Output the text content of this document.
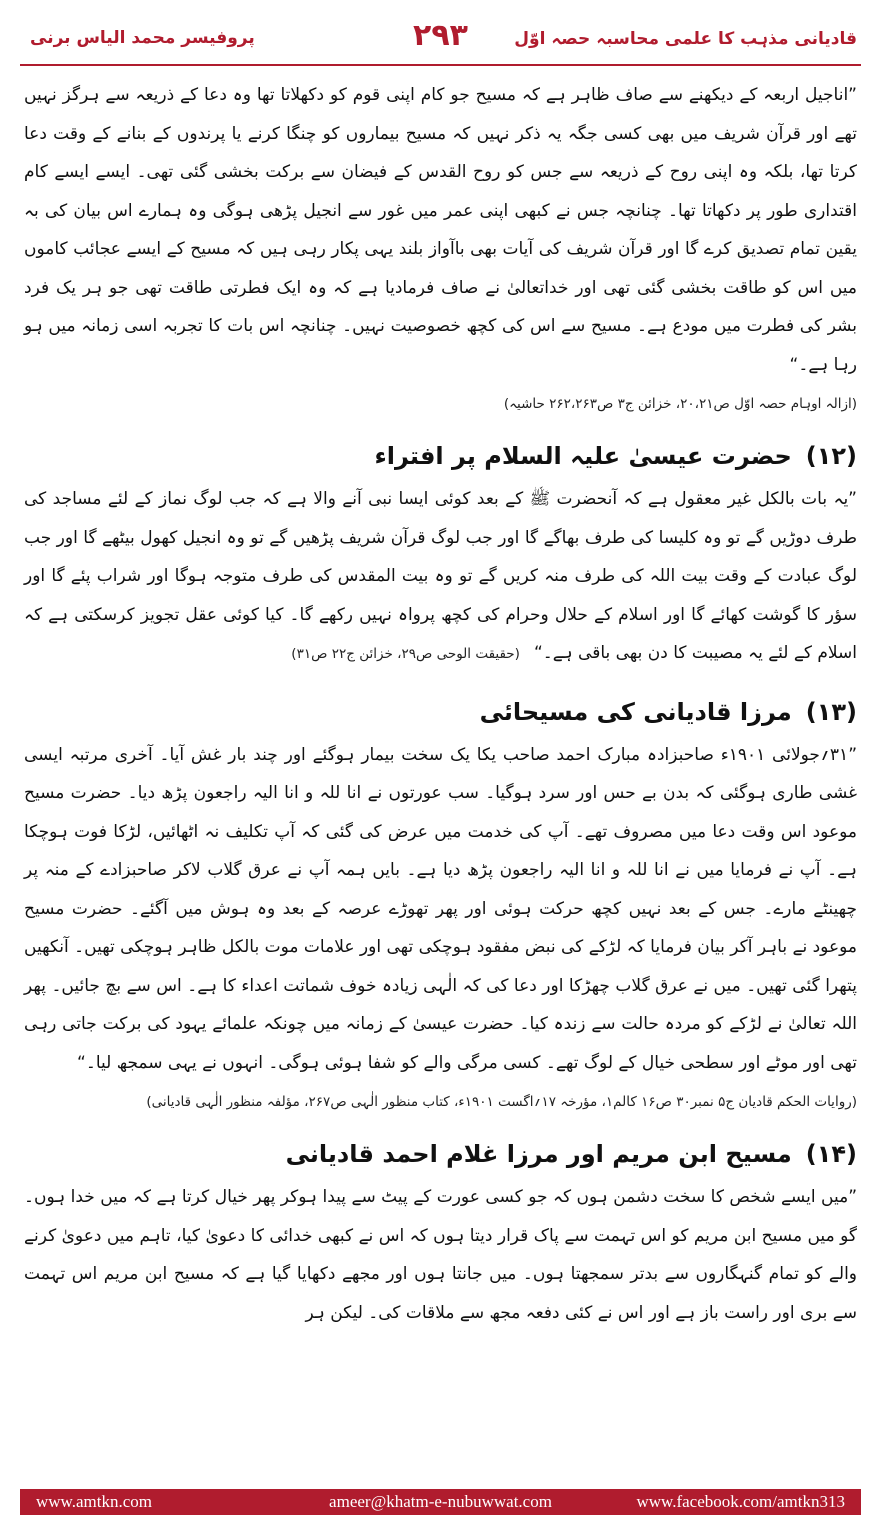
قادیانی مذہب کا علمی محاسبہ حصہ اوّل
۲۹۳
پروفیسر محمد الیاس برنی

”اناجیل اربعہ کے دیکھنے سے صاف ظاہر ہے کہ مسیح جو کام اپنی قوم کو دکھلاتا تھا وہ دعا کے ذریعہ سے ہرگز نہیں تھے اور قرآن شریف میں بھی کسی جگہ یہ ذکر نہیں کہ مسیح بیماروں کو چنگا کرنے یا پرندوں کے بنانے کے وقت دعا کرتا تھا، بلکہ وہ اپنی روح کے ذریعہ سے جس کو روح القدس کے فیضان سے برکت بخشی گئی تھی۔ ایسے ایسے کام اقتداری طور پر دکھاتا تھا۔ چنانچہ جس نے کبھی اپنی عمر میں غور سے انجیل پڑھی ہوگی وہ ہمارے اس بیان کی بہ یقین تمام تصدیق کرے گا اور قرآن شریف کی آیات بھی باآواز بلند یہی پکار رہی ہیں کہ مسیح کے ایسے عجائب کاموں میں اس کو طاقت بخشی گئی تھی اور خداتعالیٰ نے صاف فرمادیا ہے کہ وہ ایک فطرتی طاقت تھی جو ہر یک فرد بشر کی فطرت میں مودع ہے۔ مسیح سے اس کی کچھ خصوصیت نہیں۔ چنانچہ اس بات کا تجربہ اسی زمانہ میں ہو رہا ہے۔“

(ازالہ اوہام حصہ اوّل ص۲۰،۲۱، خزائن ج۳ ص۲۶۲،۲۶۳ حاشیہ)

(۱۲)حضرت عیسیٰ علیہ السلام پر افتراء

”یہ بات بالکل غیر معقول ہے کہ آنحضرت ﷺ کے بعد کوئی ایسا نبی آنے والا ہے کہ جب لوگ نماز کے لئے مساجد کی طرف دوڑیں گے تو وہ کلیسا کی طرف بھاگے گا اور جب لوگ قرآن شریف پڑھیں گے تو وہ انجیل کھول بیٹھے گا اور جب لوگ عبادت کے وقت بیت اللہ کی طرف منہ کریں گے تو وہ بیت المقدس کی طرف متوجہ ہوگا اور شراب پئے گا اور سؤر کا گوشت کھائے گا اور اسلام کے حلال وحرام کی کچھ پرواہ نہیں رکھے گا۔ کیا کوئی عقل تجویز کرسکتی ہے کہ اسلام کے لئے یہ مصیبت کا دن بھی باقی ہے۔“(حقیقت الوحی ص۲۹، خزائن ج۲۲ ص۳۱)

(۱۳)مرزا قادیانی کی مسیحائی

”۳۱؍جولائی ۱۹۰۱ء صاحبزادہ مبارک احمد صاحب یکا یک سخت بیمار ہوگئے اور چند بار غش آیا۔ آخری مرتبہ ایسی غشی طاری ہوگئی کہ بدن بے حس اور سرد ہوگیا۔ سب عورتوں نے انا للہ و انا الیہ راجعون پڑھ دیا۔ حضرت مسیح موعود اس وقت دعا میں مصروف تھے۔ آپ کی خدمت میں عرض کی گئی کہ آپ تکلیف نہ اٹھائیں، لڑکا فوت ہوچکا ہے۔ آپ نے فرمایا میں نے انا للہ و انا الیہ راجعون پڑھ دیا ہے۔ بایں ہمہ آپ نے عرق گلاب لاکر صاحبزادے کے منہ پر چھینٹے مارے۔ جس کے بعد نہیں کچھ حرکت ہوئی اور پھر تھوڑے عرصہ کے بعد وہ ہوش میں آگئے۔ حضرت مسیح موعود نے باہر آکر بیان فرمایا کہ لڑکے کی نبض مفقود ہوچکی تھی اور علامات موت بالکل ظاہر ہوچکی تھیں۔ آنکھیں پتھرا گئی تھیں۔ میں نے عرق گلاب چھڑکا اور دعا کی کہ الٰہی زیادہ خوف شماتت اعداء کا ہے۔ اس سے بچ جائیں۔ پھر اللہ تعالیٰ نے لڑکے کو مردہ حالت سے زندہ کیا۔ حضرت عیسیٰ کے زمانہ میں چونکہ علمائے یہود کی برکت جاتی رہی تھی اور موٹے اور سطحی خیال کے لوگ تھے۔ کسی مرگی والے کو شفا ہوئی ہوگی۔ انہوں نے یہی سمجھ لیا۔“

(روایات الحکم قادیان ج۵ نمبر۳۰ ص۱۶ کالم۱، مؤرخہ ۱۷؍اگست ۱۹۰۱ء، کتاب منظور الٰہی ص۲۶۷، مؤلفہ منظور الٰہی قادیانی)

(۱۴)مسیح ابن مریم اور مرزا غلام احمد قادیانی

”میں ایسے شخص کا سخت دشمن ہوں کہ جو کسی عورت کے پیٹ سے پیدا ہوکر پھر خیال کرتا ہے کہ میں خدا ہوں۔ گو میں مسیح ابن مریم کو اس تہمت سے پاک قرار دیتا ہوں کہ اس نے کبھی خدائی کا دعویٰ کیا، تاہم میں دعویٰ کرنے والے کو تمام گنہگاروں سے بدتر سمجھتا ہوں۔ میں جانتا ہوں اور مجھے دکھایا گیا ہے کہ مسیح ابن مریم اس تہمت سے بری اور راست باز ہے اور اس نے کئی دفعہ مجھ سے ملاقات کی۔ لیکن ہر

www.amtkn.com	ameer@khatm-e-nubuwwat.com	www.facebook.com/amtkn313
